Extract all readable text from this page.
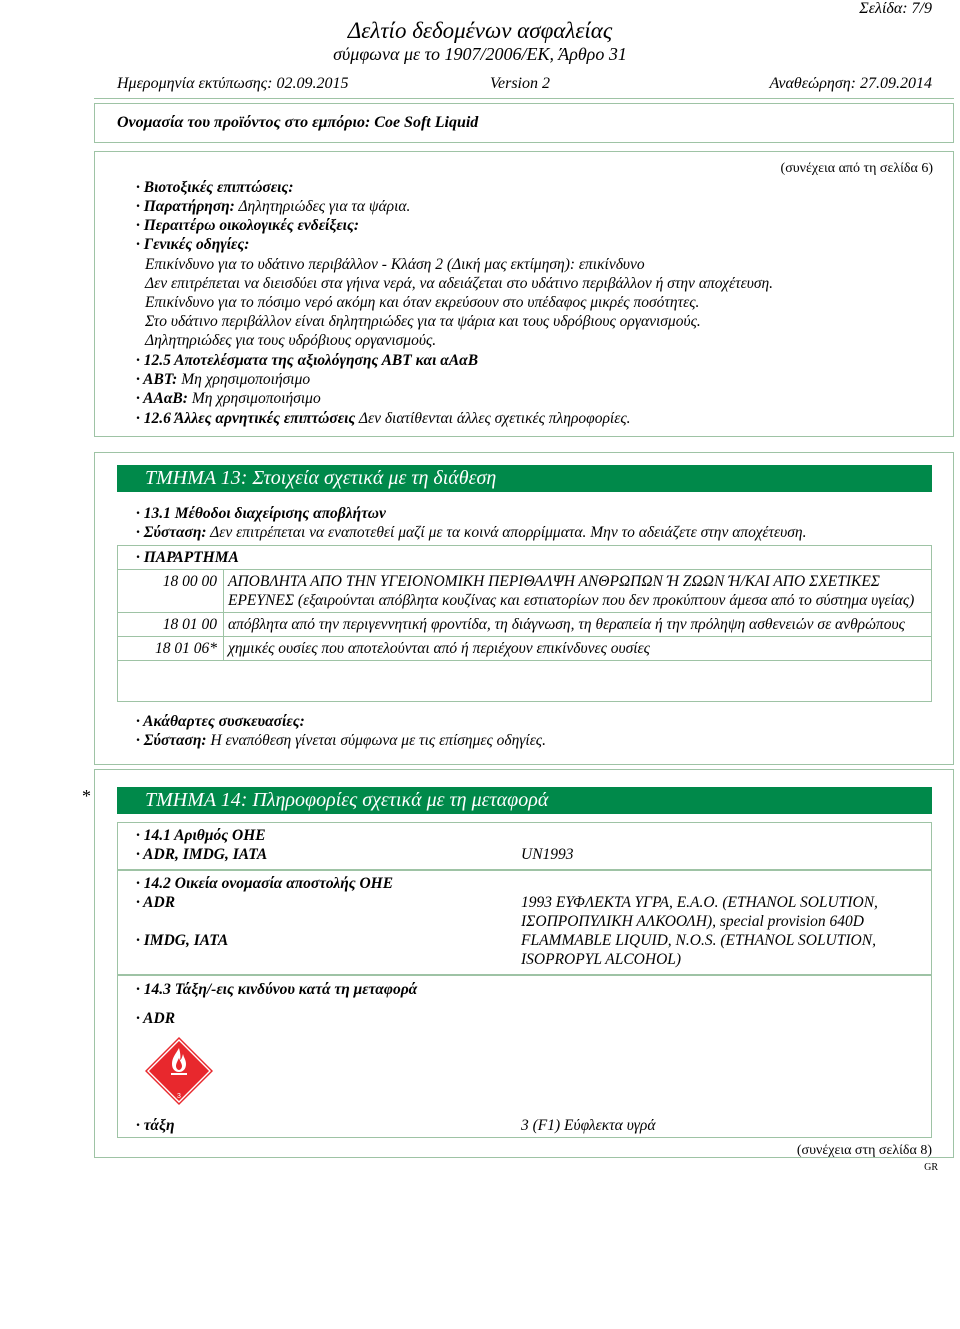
Σελίδα: 7/9
Δελτίο δεδομένων ασφαλείας
σύμφωνα με το 1907/2006/ΕΚ, Άρθρο 31
Ημερομηνία εκτύπωσης: 02.09.2015	Version 2	Αναθεώρηση: 27.09.2014
Ονομασία του προϊόντος στο εμπόριο: Coe Soft Liquid
(συνέχεια από τη σελίδα 6)
· Βιοτοξικές επιπτώσεις:
· Παρατήρηση: Δηλητηριώδες για τα ψάρια.
· Περαιτέρω οικολογικές ενδείξεις:
· Γενικές οδηγίες:
Επικίνδυνο για το υδάτινο περιβάλλον - Κλάση 2 (Δική μας εκτίμηση): επικίνδυνο
Δεν επιτρέπεται να διεισδύει στα γήινα νερά, να αδειάζεται στο υδάτινο περιβάλλον ή στην αποχέτευση.
Επικίνδυνο για το πόσιμο νερό ακόμη και όταν εκρεύσουν στο υπέδαφος μικρές ποσότητες.
Στο υδάτινο περιβάλλον είναι δηλητηριώδες για τα ψάρια και τους υδρόβιους οργανισμούς.
Δηλητηριώδες για τους υδρόβιους οργανισμούς.
· 12.5 Αποτελέσματα της αξιολόγησης ΑΒΤ και αΑαΒ
· ABT: Μη χρησιμοποιήσιμο
· ΑΑαΒ: Μη χρησιμοποιήσιμο
· 12.6 Άλλες αρνητικές επιπτώσεις Δεν διατίθενται άλλες σχετικές πληροφορίες.
ΤΜΗΜΑ 13: Στοιχεία σχετικά με τη διάθεση
· 13.1 Μέθοδοι διαχείρισης αποβλήτων
· Σύσταση: Δεν επιτρέπεται να εναποτεθεί μαζί με τα κοινά απορρίμματα. Μην το αδειάζετε στην αποχέτευση.
· ΠΑΡΑΡΤΗΜΑ
18 00 00	ΑΠΟΒΛΗΤΑ ΑΠΟ ΤΗΝ ΥΓΕΙΟΝΟΜΙΚΗ ΠΕΡΙΘΑΛΨΗ ΑΝΘΡΩΠΩΝ Ή ΖΩΩΝ Ή/ΚΑΙ ΑΠΟ ΣΧΕΤΙΚΕΣ ΕΡΕΥΝΕΣ (εξαιρούνται απόβλητα κουζίνας και εστιατορίων που δεν προκύπτουν άμεσα από το σύστημα υγείας)
18 01 00	απόβλητα από την περιγεννητική φροντίδα, τη διάγνωση, τη θεραπεία ή την πρόληψη ασθενειών σε ανθρώπους
18 01 06*	χημικές ουσίες που αποτελούνται από ή περιέχουν επικίνδυνες ουσίες
· Ακάθαρτες συσκευασίες:
· Σύσταση: Η εναπόθεση γίνεται σύμφωνα με τις επίσημες οδηγίες.
*	ΤΜΗΜΑ 14: Πληροφορίες σχετικά με τη μεταφορά
· 14.1 Αριθμός ΟΗΕ
· ADR, IMDG, IATA	UN1993
· 14.2 Οικεία ονομασία αποστολής ΟΗΕ
· ADR	1993 ΕΥΦΛΕΚΤΑ ΥΓΡΑ, Ε.Α.Ο. (ETHANOL SOLUTION,
ΙΣΟΠΡΟΠΥΛΙΚΗ ΑΛΚΟΟΛΗ), special provision 640D
· IMDG, IATA	FLAMMABLE LIQUID, N.O.S. (ETHANOL SOLUTION,
ISOPROPYL ALCOHOL)
· 14.3 Τάξη/-εις κινδύνου κατά τη μεταφορά
· ADR
3
· τάξη	3 (F1) Εύφλεκτα υγρά
(συνέχεια στη σελίδα 8)
GR
